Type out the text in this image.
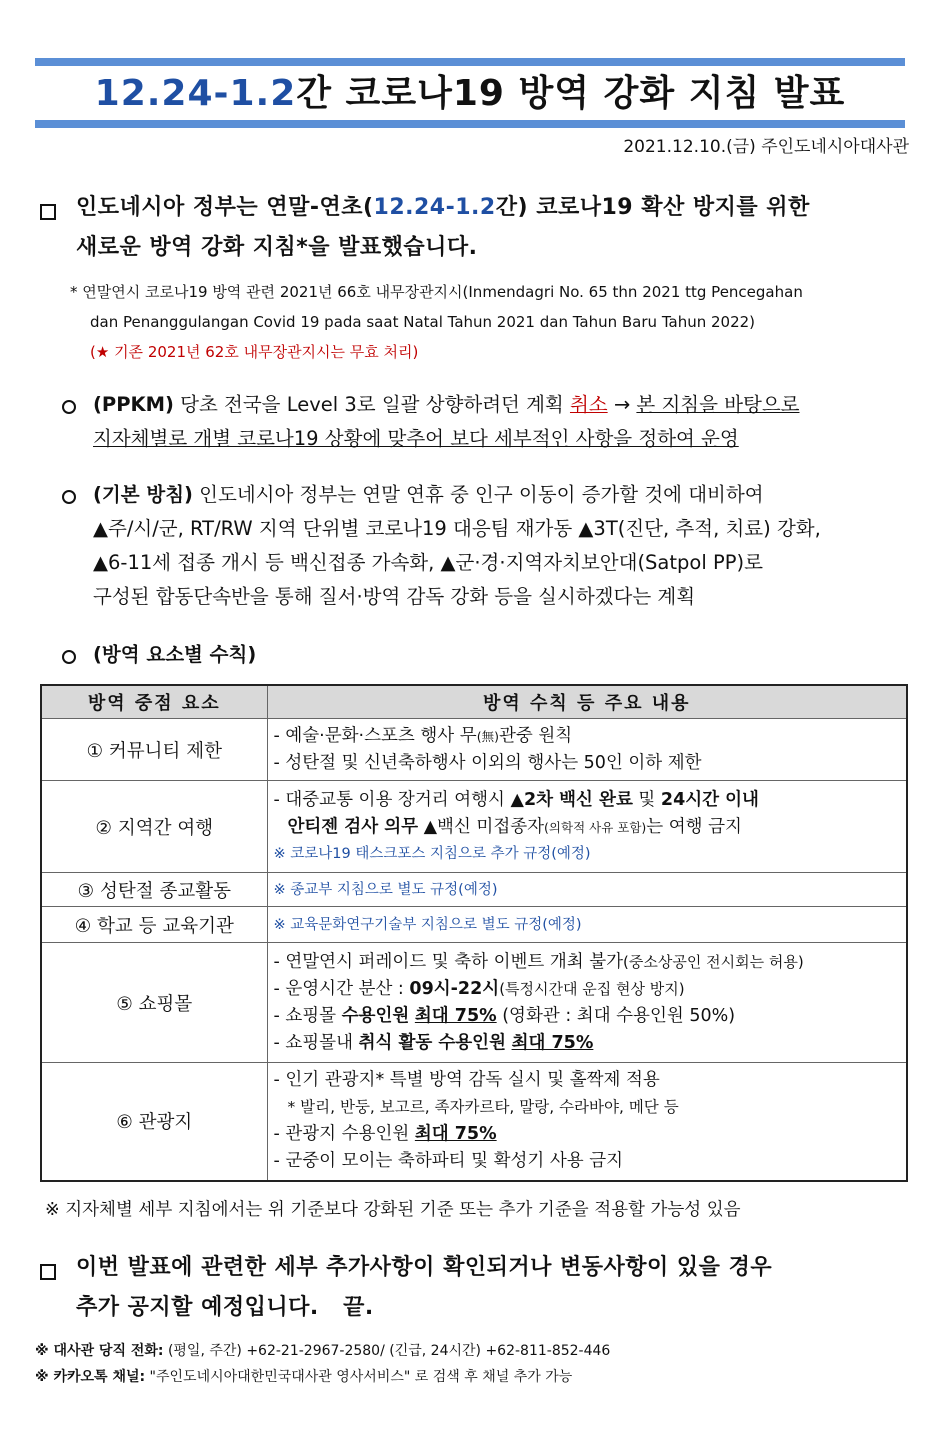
12.24-1.2간 코로나19 방역 강화 지침 발표
2021.12.10.(금) 주인도네시아대사관
인도네시아 정부는 연말-연초(12.24-1.2간) 코로나19 확산 방지를 위한
새로운 방역 강화 지침*을 발표했습니다.
* 연말연시 코로나19 방역 관련 2021년 66호 내무장관지시(Inmendagri No. 65 thn 2021 ttg Pencegahan
dan Penanggulangan Covid 19 pada saat Natal Tahun 2021 dan Tahun Baru Tahun 2022)
(★ 기존 2021년 62호 내무장관지시는 무효 처리)
(PPKM) 당초 전국을 Level 3로 일괄 상향하려던 계획 취소 → 본 지침을 바탕으로
지자체별로 개별 코로나19 상황에 맞추어 보다 세부적인 사항을 정하여 운영
(기본 방침) 인도네시아 정부는 연말 연휴 중 인구 이동이 증가할 것에 대비하여
▲주/시/군, RT/RW 지역 단위별 코로나19 대응팀 재가동 ▲3T(진단, 추적, 치료) 강화,
▲6-11세 접종 개시 등 백신접종 가속화, ▲군·경·지역자치보안대(Satpol PP)로
구성된 합동단속반을 통해 질서·방역 감독 강화 등을 실시하겠다는 계획
(방역 요소별 수칙)
방역 중점 요소	방역 수칙 등 주요 내용
① 커뮤니티 제한	- 예술·문화·스포츠 행사 무(無)관중 원칙
- 성탄절 및 신년축하행사 이외의 행사는 50인 이하 제한

② 지역간 여행	- 대중교통 이용 장거리 여행시 ▲2차 백신 완료 및 24시간 이내
안티젠 검사 의무 ▲백신 미접종자(의학적 사유 포함)는 여행 금지
※ 코로나19 태스크포스 지침으로 추가 규정(예정)

③ 성탄절 종교활동	※ 종교부 지침으로 별도 규정(예정)

④ 학교 등 교육기관	※ 교육문화연구기술부 지침으로 별도 규정(예정)

⑤ 쇼핑몰	- 연말연시 퍼레이드 및 축하 이벤트 개최 불가(중소상공인 전시회는 허용)
- 운영시간 분산 : 09시-22시(특정시간대 운집 현상 방지)
- 쇼핑몰 수용인원 최대 75% (영화관 : 최대 수용인원 50%)
- 쇼핑몰내 취식 활동 수용인원 최대 75%

⑥ 관광지	- 인기 관광지* 특별 방역 감독 실시 및 홀짝제 적용
* 발리, 반둥, 보고르, 족자카르타, 말랑, 수라바야, 메단 등
- 관광지 수용인원 최대 75%
- 군중이 모이는 축하파티 및 확성기 사용 금지
※ 지자체별 세부 지침에서는 위 기준보다 강화된 기준 또는 추가 기준을 적용할 가능성 있음
이번 발표에 관련한 세부 추가사항이 확인되거나 변동사항이 있을 경우
추가 공지할 예정입니다.   끝.
※ 대사관 당직 전화: (평일, 주간) +62-21-2967-2580/ (긴급, 24시간) +62-811-852-446
※ 카카오톡 채널: "주인도네시아대한민국대사관 영사서비스" 로 검색 후 채널 추가 가능
